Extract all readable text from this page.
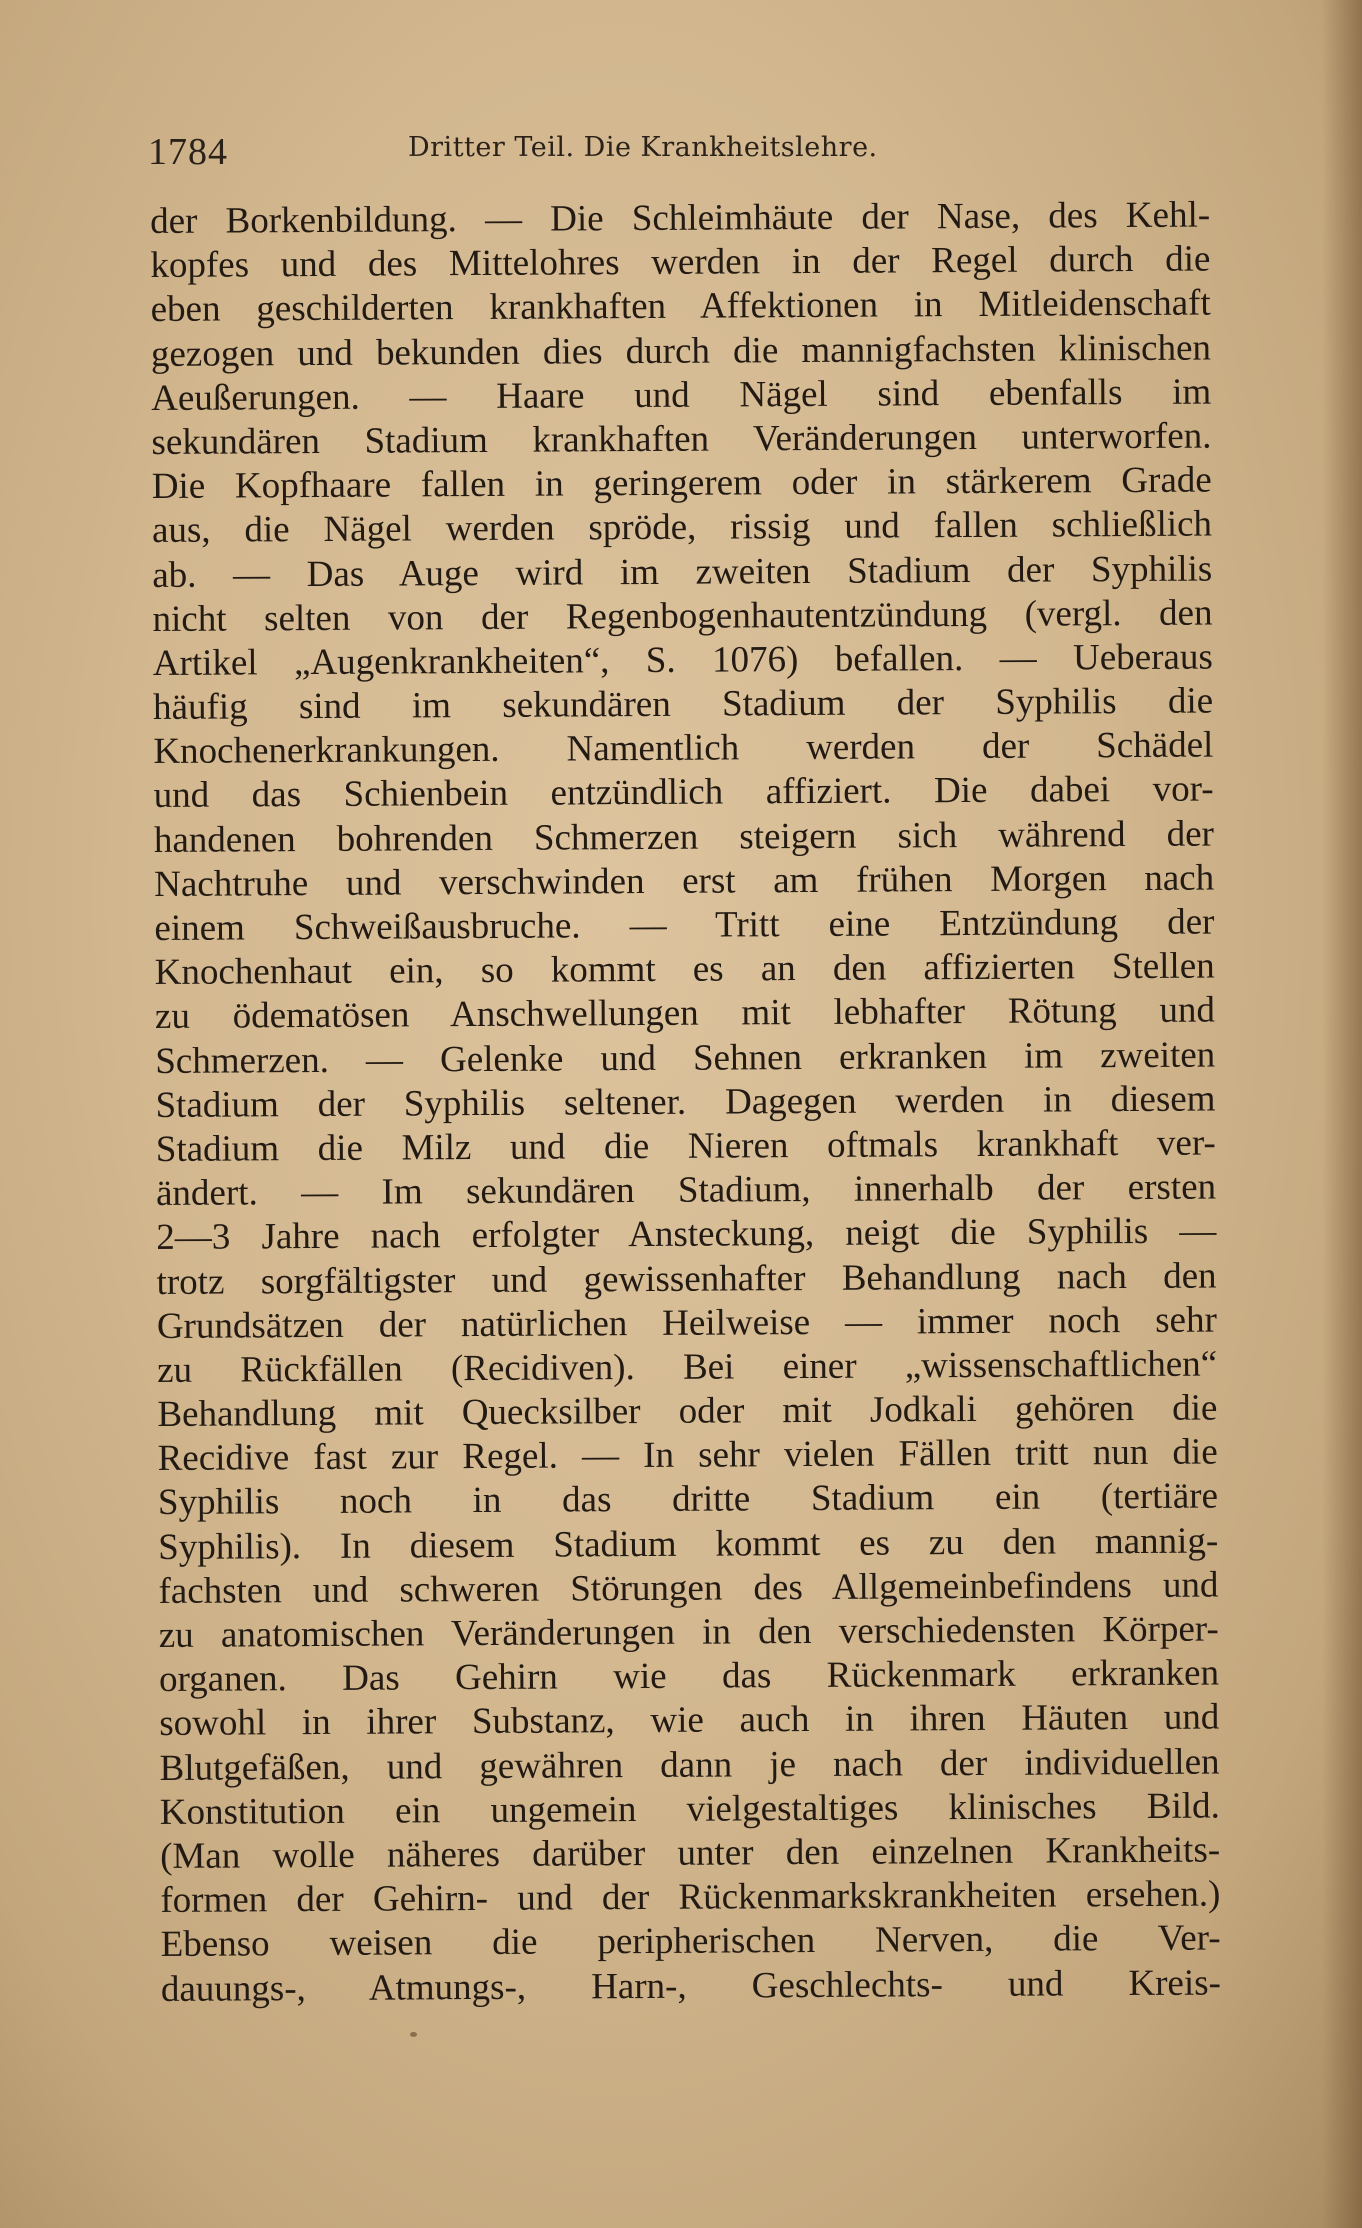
1784	Dritter Teil. Die Krankheitslehre.
der Borkenbildung. — Die Schleimhäute der Nase, des Kehl-
kopfes und des Mittelohres werden in der Regel durch die
eben geschilderten krankhaften Affektionen in Mitleidenschaft
gezogen und bekunden dies durch die mannigfachsten klinischen
Aeußerungen. — Haare und Nägel sind ebenfalls im
sekundären Stadium krankhaften Veränderungen unterworfen.
Die Kopfhaare fallen in geringerem oder in stärkerem Grade
aus, die Nägel werden spröde, rissig und fallen schließlich
ab. — Das Auge wird im zweiten Stadium der Syphilis
nicht selten von der Regenbogenhautentzündung (vergl. den
Artikel „Augenkrankheiten“, S. 1076) befallen. — Ueberaus
häufig sind im sekundären Stadium der Syphilis die
Knochenerkrankungen. Namentlich werden der Schädel
und das Schienbein entzündlich affiziert. Die dabei vor-
handenen bohrenden Schmerzen steigern sich während der
Nachtruhe und verschwinden erst am frühen Morgen nach
einem Schweißausbruche. — Tritt eine Entzündung der
Knochenhaut ein, so kommt es an den affizierten Stellen
zu ödematösen Anschwellungen mit lebhafter Rötung und
Schmerzen. — Gelenke und Sehnen erkranken im zweiten
Stadium der Syphilis seltener. Dagegen werden in diesem
Stadium die Milz und die Nieren oftmals krankhaft ver-
ändert. — Im sekundären Stadium, innerhalb der ersten
2—3 Jahre nach erfolgter Ansteckung, neigt die Syphilis —
trotz sorgfältigster und gewissenhafter Behandlung nach den
Grundsätzen der natürlichen Heilweise — immer noch sehr
zu Rückfällen (Recidiven). Bei einer „wissenschaftlichen“
Behandlung mit Quecksilber oder mit Jodkali gehören die
Recidive fast zur Regel. — In sehr vielen Fällen tritt nun die
Syphilis noch in das dritte Stadium ein (tertiäre
Syphilis). In diesem Stadium kommt es zu den mannig-
fachsten und schweren Störungen des Allgemeinbefindens und
zu anatomischen Veränderungen in den verschiedensten Körper-
organen. Das Gehirn wie das Rückenmark erkranken
sowohl in ihrer Substanz, wie auch in ihren Häuten und
Blutgefäßen, und gewähren dann je nach der individuellen
Konstitution ein ungemein vielgestaltiges klinisches Bild.
(Man wolle näheres darüber unter den einzelnen Krankheits-
formen der Gehirn- und der Rückenmarkskrankheiten ersehen.)
Ebenso weisen die peripherischen Nerven, die Ver-
dauungs-, Atmungs-, Harn-, Geschlechts- und Kreis-
